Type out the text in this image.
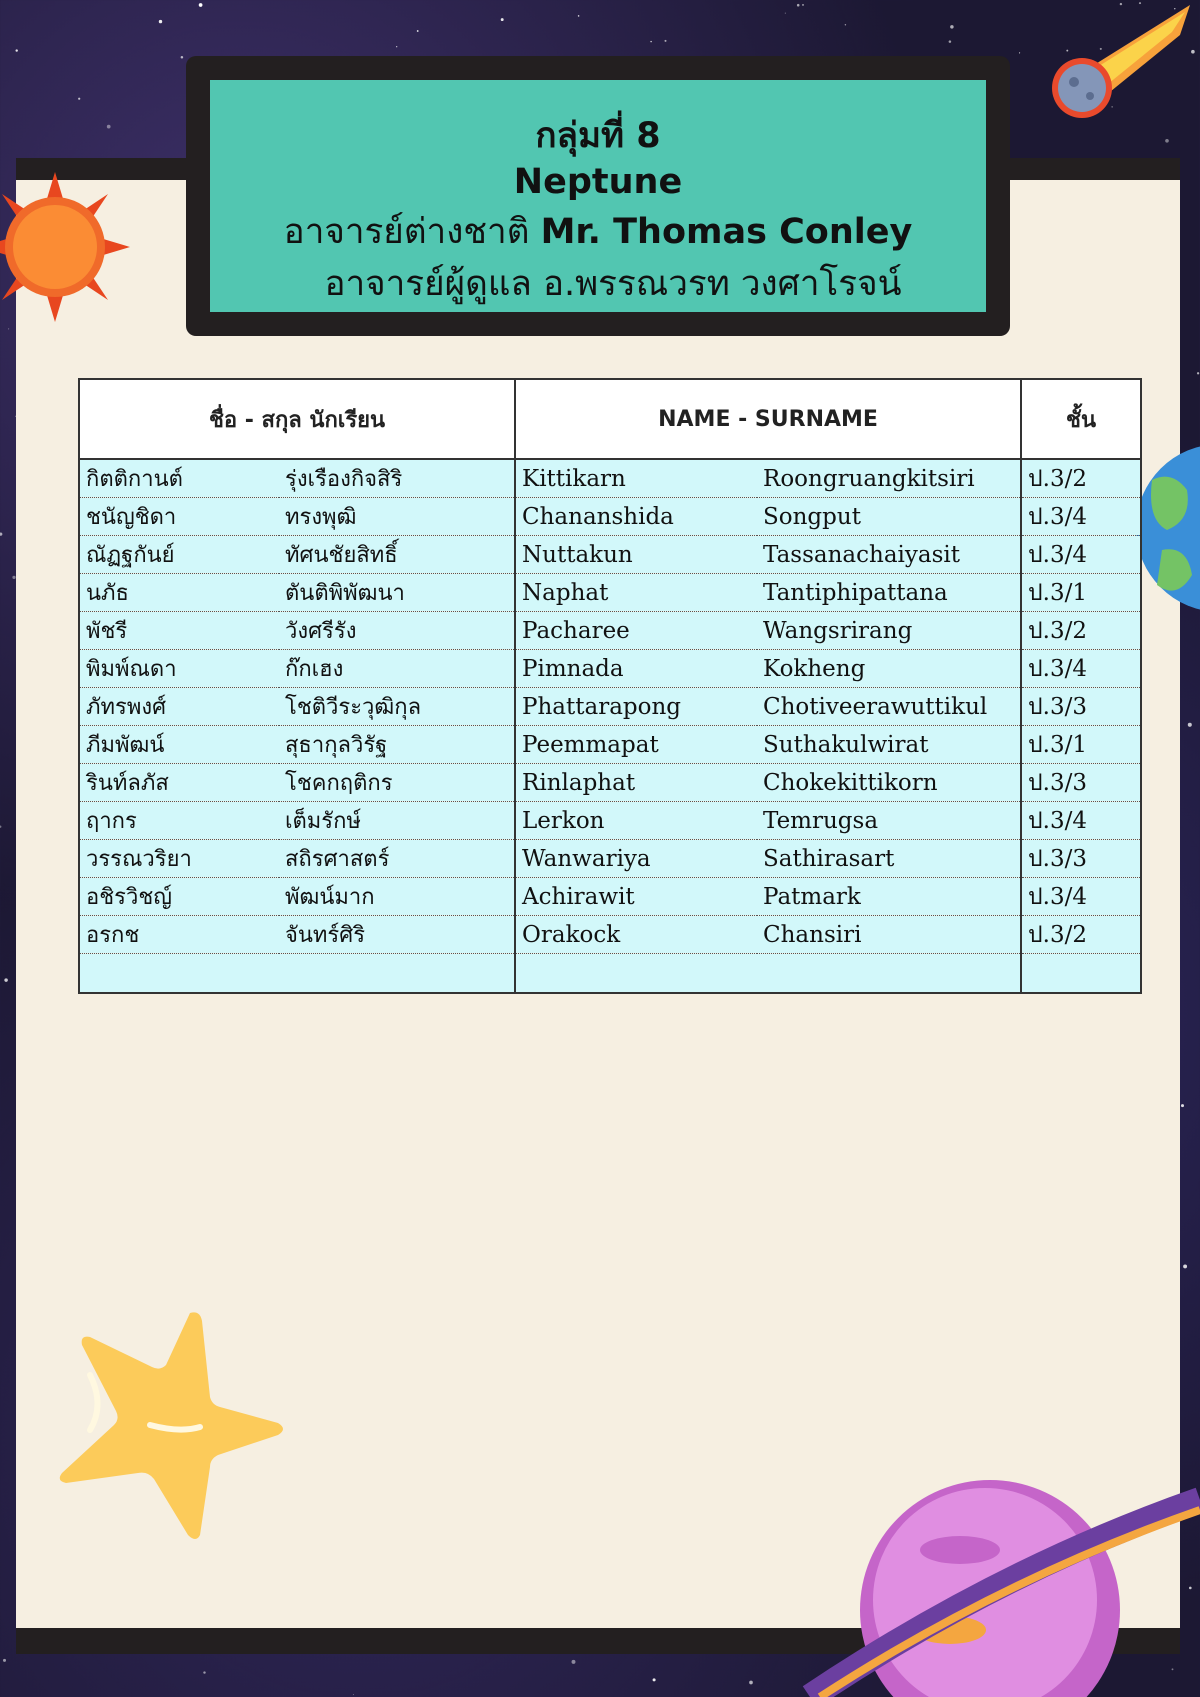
กลุ่มที่ 8
Neptune
อาจารย์ต่างชาติ Mr. Thomas Conley
อาจารย์ผู้ดูแล อ.พรรณวรท วงศาโรจน์
ชื่อ - สกุล นักเรียน		NAME - SURNAME		ชั้น
กิตติกานต์	รุ่งเรืองกิจสิริ	Kittikarn	Roongruangkitsiri	ป.3/2
ชนัญชิดา	ทรงพุฒิ	Chananshida	Songput	ป.3/4
ณัฏฐกันย์	ทัศนชัยสิทธิ์	Nuttakun	Tassanachaiyasit	ป.3/4
นภัธ	ตันติพิพัฒนา	Naphat	Tantiphipattana	ป.3/1
พัชรี	วังศรีรัง	Pacharee	Wangsrirang	ป.3/2
พิมพ์ณดา	ก๊กเฮง	Pimnada	Kokheng	ป.3/4
ภัทรพงศ์	โชติวีระวุฒิกุล	Phattarapong	Chotiveerawuttikul	ป.3/3
ภีมพัฒน์	สุธากุลวิรัฐ	Peemmapat	Suthakulwirat	ป.3/1
รินท์ลภัส	โชคกฤติกร	Rinlaphat	Chokekittikorn	ป.3/3
ฤากร	เต็มรักษ์	Lerkon	Temrugsa	ป.3/4
วรรณวริยา	สถิรศาสตร์	Wanwariya	Sathirasart	ป.3/3
อชิรวิชญ์	พัฒน์มาก	Achirawit	Patmark	ป.3/4
อรกช	จันทร์ศิริ	Orakock	Chansiri	ป.3/2
